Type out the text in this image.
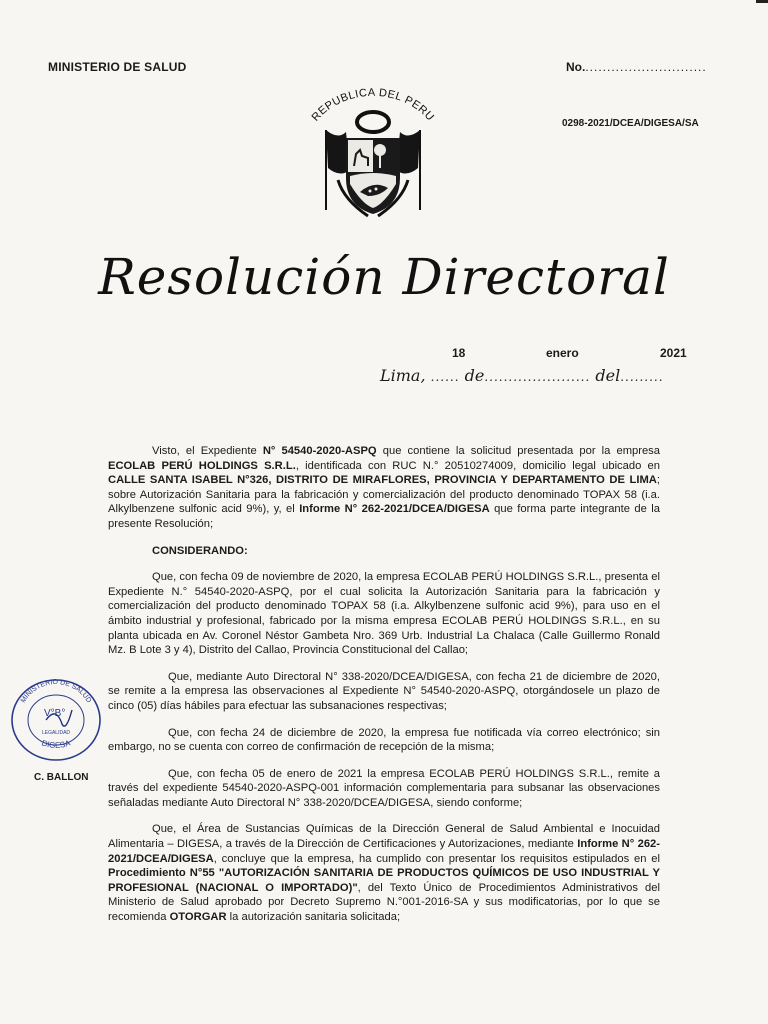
MINISTERIO DE SALUD	No.............................
0298-2021/DCEA/DIGESA/SA
REPUBLICA DEL PERU
Resolución Directoral
18	enero	2021
Lima, ...... de...................... del.........

Visto, el Expediente N° 54540-2020-ASPQ que contiene la solicitud presentada por la empresa ECOLAB PERÚ HOLDINGS S.R.L., identificada con RUC N.° 20510274009, domicilio legal ubicado en CALLE SANTA ISABEL N°326, DISTRITO DE MIRAFLORES, PROVINCIA Y DEPARTAMENTO DE LIMA; sobre Autorización Sanitaria para la fabricación y comercialización del producto denominado TOPAX 58 (i.a. Alkylbenzene sulfonic acid 9%), y, el Informe N° 262-2021/DCEA/DIGESA que forma parte integrante de la presente Resolución;

CONSIDERANDO:

Que, con fecha 09 de noviembre de 2020, la empresa ECOLAB PERÚ HOLDINGS S.R.L., presenta el Expediente N.° 54540-2020-ASPQ, por el cual solicita la Autorización Sanitaria para la fabricación y comercialización del producto denominado TOPAX 58 (i.a. Alkylbenzene sulfonic acid 9%), para uso en el ámbito industrial y profesional, fabricado por la misma empresa ECOLAB PERÚ HOLDINGS S.R.L., en su planta ubicada en Av. Coronel Néstor Gambeta Nro. 369 Urb. Industrial La Chalaca (Calle Guillermo Ronald Mz. B Lote 3 y 4), Distrito del Callao, Provincia Constitucional del Callao;

Que, mediante Auto Directoral N° 338-2020/DCEA/DIGESA, con fecha 21 de diciembre de 2020, se remite a la empresa las observaciones al Expediente N° 54540-2020-ASPQ, otorgándosele un plazo de cinco (05) días hábiles para efectuar las subsanaciones respectivas;

Que, con fecha 24 de diciembre de 2020, la empresa fue notificada vía correo electrónico; sin embargo, no se cuenta con correo de confirmación de recepción de la misma;

Que, con fecha 05 de enero de 2021 la empresa ECOLAB PERÚ HOLDINGS S.R.L., remite a través del expediente 54540-2020-ASPQ-001 información complementaria para subsanar las observaciones señaladas mediante Auto Directoral N° 338-2020/DCEA/DIGESA, siendo conforme;

Que, el Área de Sustancias Químicas de la Dirección General de Salud Ambiental e Inocuidad Alimentaria – DIGESA, a través de la Dirección de Certificaciones y Autorizaciones, mediante Informe N° 262-2021/DCEA/DIGESA, concluye que la empresa, ha cumplido con presentar los requisitos estipulados en el Procedimiento N°55 "AUTORIZACIÓN SANITARIA DE PRODUCTOS QUÍMICOS DE USO INDUSTRIAL Y PROFESIONAL (NACIONAL O IMPORTADO)", del Texto Único de Procedimientos Administrativos del Ministerio de Salud aprobado por Decreto Supremo N.°001-2016-SA y sus modificatorias, por lo que se recomienda OTORGAR la autorización sanitaria solicitada;

MINISTERIO DE SALUD
DIGESA
V°B°
LEGALIDAD
C. BALLON
